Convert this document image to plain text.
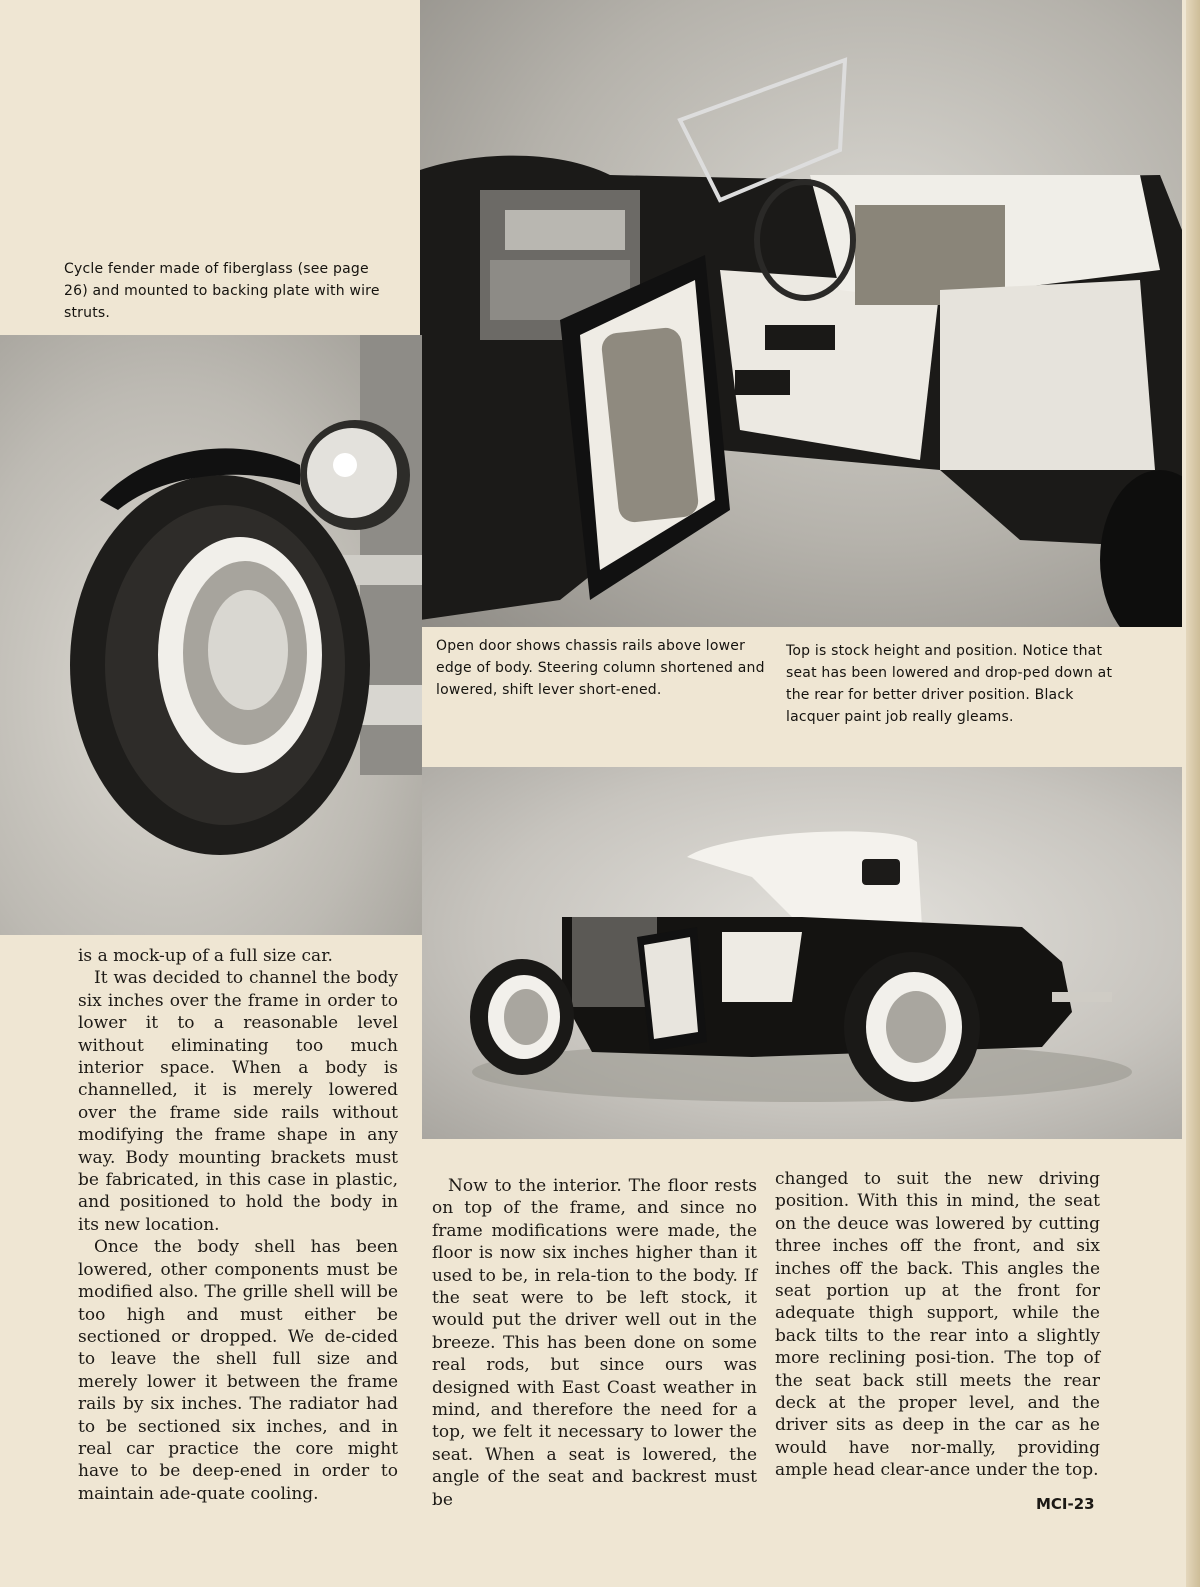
Cycle fender made of fiberglass (see page 26) and mounted to backing plate with wire struts.
Open door shows chassis rails above lower edge of body. Steering column shortened and lowered, shift lever short-ened.
Top is stock height and position. Notice that seat has been lowered and drop-ped down at the rear for better driver position. Black lacquer paint job really gleams.

is a mock-up of a full size car.

It was decided to channel the body six inches over the frame in order to lower it to a reasonable level without eliminating too much interior space. When a body is channelled, it is merely lowered over the frame side rails without modifying the frame shape in any way. Body mounting brackets must be fabricated, in this case in plastic, and positioned to hold the body in its new location.

Once the body shell has been lowered, other components must be modified also. The grille shell will be too high and must either be sectioned or dropped. We de-cided to leave the shell full size and merely lower it between the frame rails by six inches. The radiator had to be sectioned six inches, and in real car practice the core might have to be deep-ened in order to maintain ade-quate cooling.

Now to the interior. The floor rests on top of the frame, and since no frame modifications were made, the floor is now six inches higher than it used to be, in rela-tion to the body. If the seat were to be left stock, it would put the driver well out in the breeze. This has been done on some real rods, but since ours was designed with East Coast weather in mind, and therefore the need for a top, we felt it necessary to lower the seat. When a seat is lowered, the angle of the seat and backrest must be

changed to suit the new driving position. With this in mind, the seat on the deuce was lowered by cutting three inches off the front, and six inches off the back. This angles the seat portion up at the front for adequate thigh support, while the back tilts to the rear into a slightly more reclining posi-tion. The top of the seat back still meets the rear deck at the proper level, and the driver sits as deep in the car as he would have nor-mally, providing ample head clear-ance under the top.

MCI-23
